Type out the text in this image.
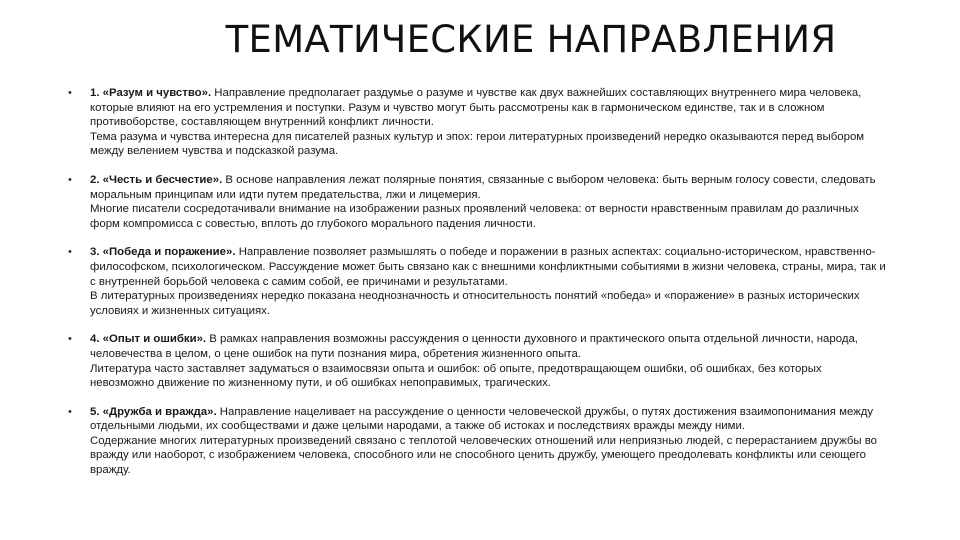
ТЕМАТИЧЕСКИЕ НАПРАВЛЕНИЯ
• 1. «Разум и чувство». Направление предполагает раздумье о разуме и чувстве как двух важнейших составляющих внутреннего мира человека, которые влияют на его устремления и поступки. Разум и чувство могут быть рассмотрены как в гармоническом единстве, так и в сложном противоборстве, составляющем внутренний конфликт личности.

Тема разума и чувства интересна для писателей разных культур и эпох: герои литературных произведений нередко оказываются перед выбором между велением чувства и подсказкой разума.

• 2. «Честь и бесчестие». В основе направления лежат полярные понятия, связанные с выбором человека: быть верным голосу совести, следовать моральным принципам или идти путем предательства, лжи и лицемерия.

Многие писатели сосредотачивали внимание на изображении разных проявлений человека: от верности нравственным правилам до различных форм компромисса с совестью, вплоть до глубокого морального падения личности.

• 3. «Победа и поражение». Направление позволяет размышлять о победе и поражении в разных аспектах: социально-историческом, нравственно-философском, психологическом. Рассуждение может быть связано как с внешними конфликтными событиями в жизни человека, страны, мира, так и с внутренней борьбой человека с самим собой, ее причинами и результатами.

В литературных произведениях нередко показана неоднозначность и относительность понятий «победа» и «поражение» в разных исторических условиях и жизненных ситуациях.

• 4. «Опыт и ошибки». В рамках направления возможны рассуждения о ценности духовного и практического опыта отдельной личности, народа, человечества в целом, о цене ошибок на пути познания мира, обретения жизненного опыта.

Литература часто заставляет задуматься о взаимосвязи опыта и ошибок: об опыте, предотвращающем ошибки, об ошибках, без которых невозможно движение по жизненному пути, и об ошибках непоправимых, трагических.

• 5. «Дружба и вражда». Направление нацеливает на рассуждение о ценности человеческой дружбы, о путях достижения взаимопонимания между отдельными людьми, их сообществами и даже целыми народами, а также об истоках и последствиях вражды между ними.

Содержание многих литературных произведений связано с теплотой человеческих отношений или неприязнью людей, с перерастанием дружбы во вражду или наоборот, с изображением человека, способного или не способного ценить дружбу, умеющего преодолевать конфликты или сеющего вражду.
